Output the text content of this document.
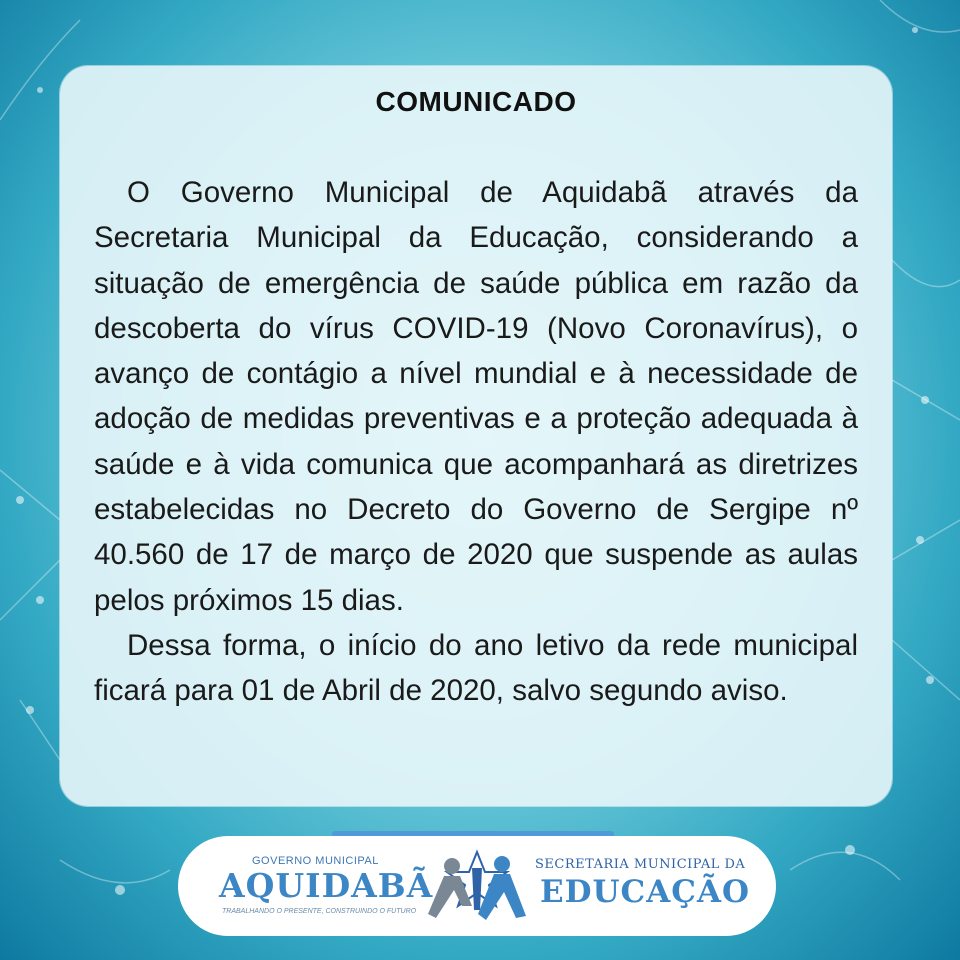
COMUNICADO

O Governo Municipal de Aquidabã através da Secretaria Municipal da Educação, considerando a situação de emergência de saúde pública em razão da descoberta do vírus COVID-19 (Novo Coronavírus), o avanço de contágio a nível mundial e à necessidade de adoção de medidas preventivas e a proteção adequada à saúde e à vida comunica que acompanhará as diretrizes estabelecidas no Decreto do Governo de Sergipe nº 40.560 de 17 de março de 2020 que suspende as aulas pelos próximos 15 dias.

Dessa forma, o início do ano letivo da rede municipal ficará para 01 de Abril de 2020, salvo segundo aviso.

GOVERNO MUNICIPAL
AQUIDABÃ
TRABALHANDO O PRESENTE, CONSTRUINDO O FUTURO
SECRETARIA MUNICIPAL DA
EDUCAÇÃO
